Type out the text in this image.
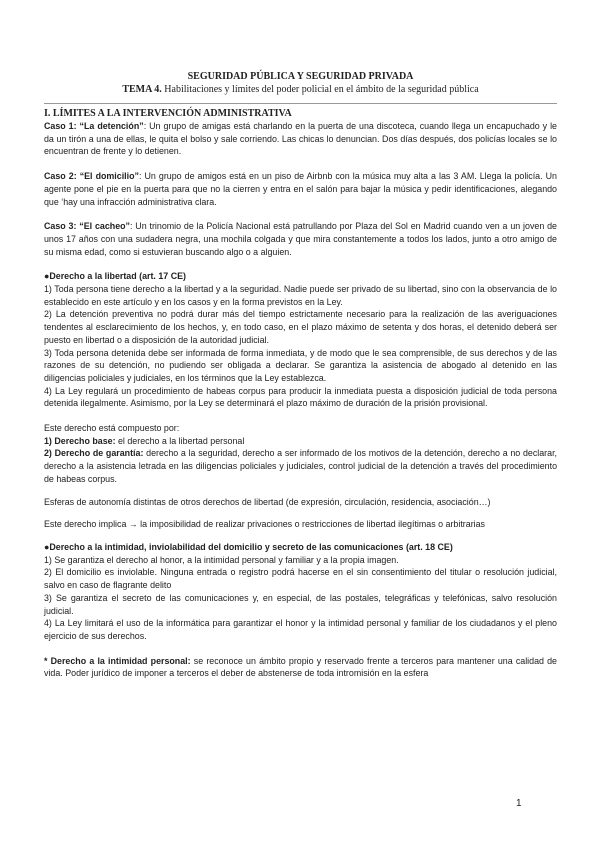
SEGURIDAD PÚBLICA Y SEGURIDAD PRIVADA
TEMA 4. Habilitaciones y límites del poder policial en el ámbito de la seguridad pública
I. LÍMITES A LA INTERVENCIÓN ADMINISTRATIVA

Caso 1: “La detención”: Un grupo de amigas está charlando en la puerta de una discoteca, cuando llega un encapuchado y le da un tirón a una de ellas, le quita el bolso y sale corriendo. Las chicas lo denuncian. Dos días después, dos policías locales se lo encuentran de frente y lo detienen.

Caso 2: “El domicilio”: Un grupo de amigos está en un piso de Airbnb con la música muy alta a las 3 AM. Llega la policía. Un agente pone el pie en la puerta para que no la cierren y entra en el salón para bajar la música y pedir identificaciones, alegando que ‘hay una infracción administrativa clara.

Caso 3: “El cacheo”: Un trinomio de la Policía Nacional está patrullando por Plaza del Sol en Madrid cuando ven a un joven de unos 17 años con una sudadera negra, una mochila colgada y que mira constantemente a todos los lados, junto a otro amigo de su misma edad, como si estuvieran buscando algo o a alguien.

●Derecho a la libertad (art. 17 CE)

1) Toda persona tiene derecho a la libertad y a la seguridad. Nadie puede ser privado de su libertad, sino con la observancia de lo establecido en este artículo y en los casos y en la forma previstos en la Ley.

2) La detención preventiva no podrá durar más del tiempo estrictamente necesario para la realización de las averiguaciones tendentes al esclarecimiento de los hechos, y, en todo caso, en el plazo máximo de setenta y dos horas, el detenido deberá ser puesto en libertad o a disposición de la autoridad judicial.

3) Toda persona detenida debe ser informada de forma inmediata, y de modo que le sea comprensible, de sus derechos y de las razones de su detención, no pudiendo ser obligada a declarar. Se garantiza la asistencia de abogado al detenido en las diligencias policiales y judiciales, en los términos que la Ley establezca.

4) La Ley regulará un procedimiento de habeas corpus para producir la inmediata puesta a disposición judicial de toda persona detenida ilegalmente. Asimismo, por la Ley se determinará el plazo máximo de duración de la prisión provisional.

Este derecho está compuesto por:

1) Derecho base: el derecho a la libertad personal

2) Derecho de garantía: derecho a la seguridad, derecho a ser informado de los motivos de la detención, derecho a no declarar, derecho a la asistencia letrada en las diligencias policiales y judiciales, control judicial de la detención a través del procedimiento de habeas corpus.

Esferas de autonomía distintas de otros derechos de libertad (de expresión, circulación, residencia, asociación…)

Este derecho implica → la imposibilidad de realizar privaciones o restricciones de libertad ilegítimas o arbitrarias

●Derecho a la intimidad, inviolabilidad del domicilio y secreto de las comunicaciones (art. 18 CE)

1) Se garantiza el derecho al honor, a la intimidad personal y familiar y a la propia imagen.

2) El domicilio es inviolable. Ninguna entrada o registro podrá hacerse en el sin consentimiento del titular o resolución judicial, salvo en caso de flagrante delito

3) Se garantiza el secreto de las comunicaciones y, en especial, de las postales, telegráficas y telefónicas, salvo resolución judicial.

4) La Ley limitará el uso de la informática para garantizar el honor y la intimidad personal y familiar de los ciudadanos y el pleno ejercicio de sus derechos.

* Derecho a la intimidad personal: se reconoce un ámbito propio y reservado frente a terceros para mantener una calidad de vida. Poder jurídico de imponer a terceros el deber de abstenerse de toda intromisión en la esfera

1
